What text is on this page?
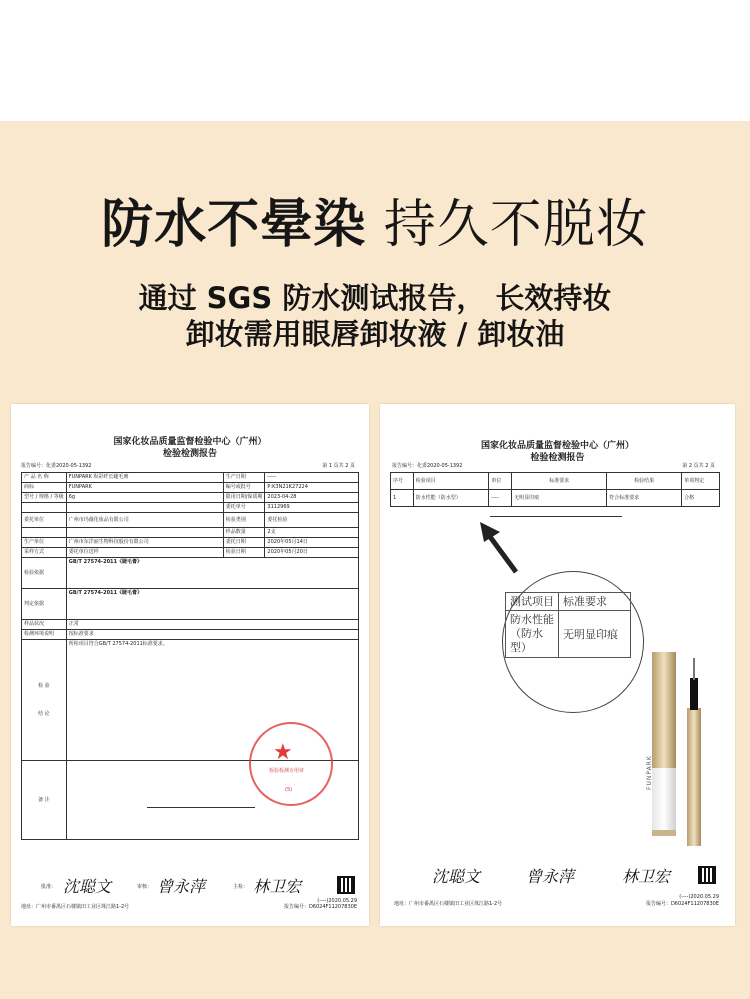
防水不晕染 持久不脱妆
通过 SGS 防水测试报告， 长效持妆
卸妆需用眼唇卸妆液 / 卸妆油
国家化妆品质量监督检验中心（广州）
检验检测报告
报告编号：化委2020-05-1392	第 1 页共 2 页
产 品 名 称	FUNPARK 纵彩纤长睫毛膏	生产日期	-----
商标	FUNPARK	编号或批号	P:K3N21K27224
型号 / 规格 / 等级	6g	限用日期/保质期	2023-04-28
		委托单号	3112969
委托单位	广州市玛薇化妆品有限公司	检验类别	委托检验
		样品数量	2支
生产单位	广州市东洋丽生物科技股份有限公司	委托日期	2020年05月14日
采样方式	委托单位送样	检验日期	2020年05月20日
检验依据	GB/T 27574-2011《睫毛膏》		
判定依据	GB/T 27574-2011《睫毛膏》		
样品状况	正常		
检测环境说明	按标准要求		

检 验

结 论	所检项目符合GB/T 27574-2011标准要求。		
备 注			
★
检验检测专用章
(5)
批准： 沈聪文	审核： 曾永萍	主检： 林卫宏
(----)2020.05.29
地址：广州市番禺区石楼镇田工业区珠江路1-2号	报告编号：D6024F11207830E
国家化妆品质量监督检验中心（广州）
检验检测报告
报告编号：化委2020-05-1392	第 2 页共 2 页
序号	检验项目	单位	标准要求	检验结果	单项判定
1	防水性能（防水型）	----	无明显印痕	符合标准要求	合格
沈聪文	曾永萍	林卫宏
(----)2020.05.29
地址：广州市番禺区石楼镇田工业区珠江路1-2号	报告编号：D6024F11207830E
测试项目	标准要求
防水性能（防水型）	无明显印痕
FUNPARK
